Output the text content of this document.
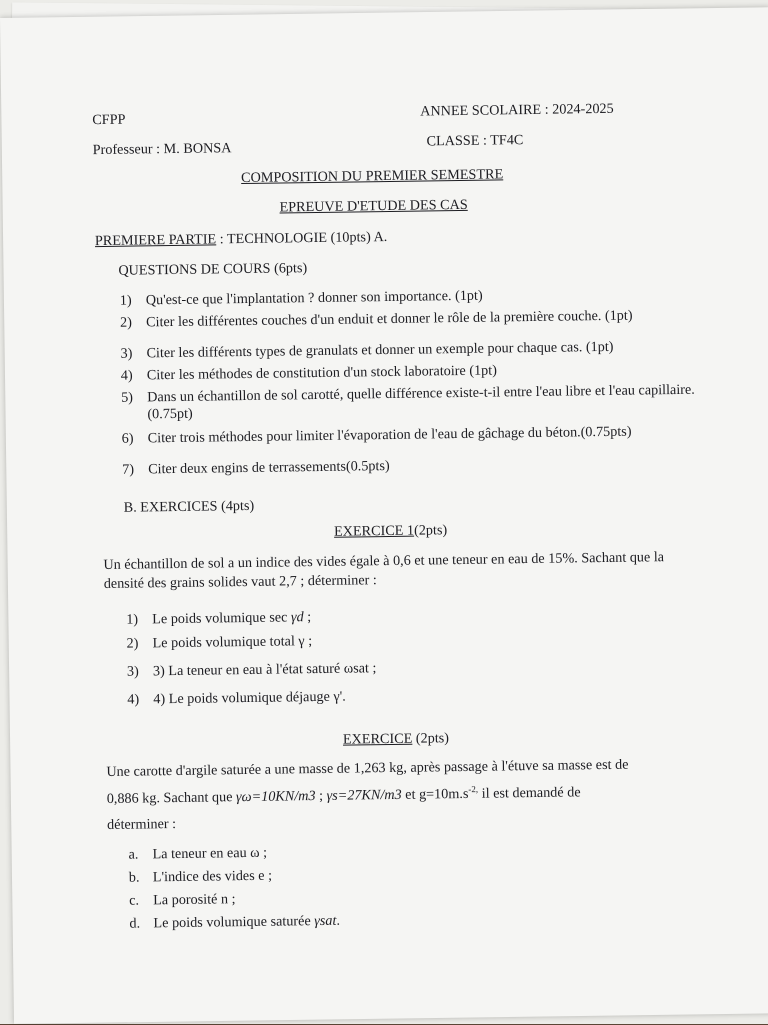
CFPP
Professeur : M. BONSA
ANNEE SCOLAIRE : 2024-2025
CLASSE : TF4C
COMPOSITION DU PREMIER SEMESTRE
EPREUVE D'ETUDE DES CAS
PREMIERE PARTIE : TECHNOLOGIE (10pts) A.
QUESTIONS DE COURS (6pts)
1) Qu'est-ce que l'implantation ? donner son importance. (1pt)
2) Citer les différentes couches d'un enduit et donner le rôle de la première couche. (1pt)
3) Citer les différents types de granulats et donner un exemple pour chaque cas. (1pt)
4) Citer les méthodes de constitution d'un stock laboratoire (1pt)
5) Dans un échantillon de sol carotté, quelle différence existe-t-il entre l'eau libre et l'eau capillaire. (0.75pt)
6) Citer trois méthodes pour limiter l'évaporation de l'eau de gâchage du béton.(0.75pts)
7) Citer deux engins de terrassements(0.5pts)
B. EXERCICES (4pts)
EXERCICE 1(2pts)
Un échantillon de sol a un indice des vides égale à 0,6 et une teneur en eau de 15%. Sachant que la densité des grains solides vaut 2,7 ; déterminer :
1) Le poids volumique sec γd ;
2) Le poids volumique total γ ;
3) 3) La teneur en eau à l'état saturé ωsat ;
4) 4) Le poids volumique déjauge γ'.
EXERCICE (2pts)
Une carotte d'argile saturée a une masse de 1,263 kg, après passage à l'étuve sa masse est de
0,886 kg. Sachant que γω=10KN/m3 ; γs=27KN/m3 et $g=10m.s^{-2,}$ il est demandé de
déterminer :
a. La teneur en eau ω ;
b. L'indice des vides e ;
c. La porosité n ;
d. Le poids volumique saturée γsat.
